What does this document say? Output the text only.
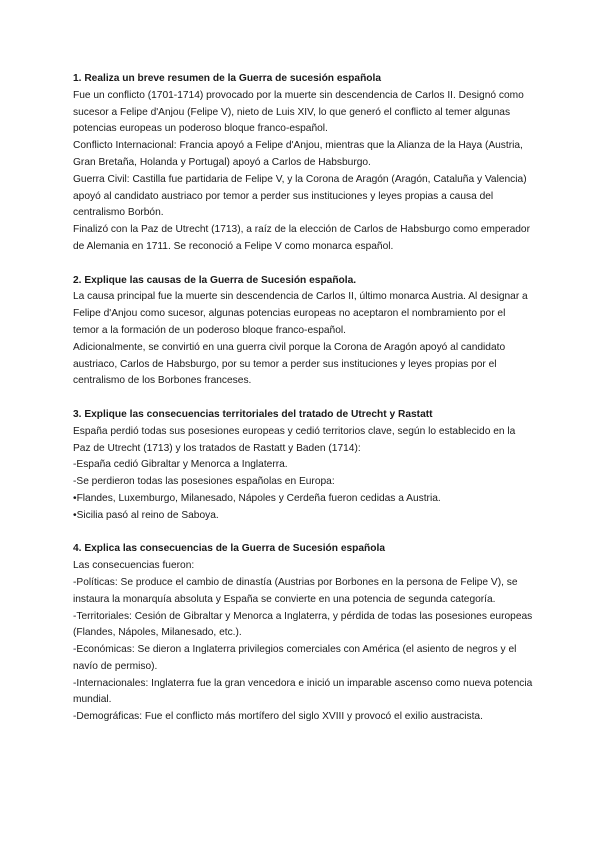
1. Realiza un breve resumen de la Guerra de sucesión española

Fue un conflicto (1701-1714) provocado por la muerte sin descendencia de Carlos II. Designó como sucesor a Felipe d'Anjou (Felipe V), nieto de Luis XIV, lo que generó el conflicto al temer algunas potencias europeas un poderoso bloque franco-español.

Conflicto Internacional: Francia apoyó a Felipe d'Anjou, mientras que la Alianza de la Haya (Austria, Gran Bretaña, Holanda y Portugal) apoyó a Carlos de Habsburgo.

Guerra Civil: Castilla fue partidaria de Felipe V, y la Corona de Aragón (Aragón, Cataluña y Valencia) apoyó al candidato austriaco por temor a perder sus instituciones y leyes propias a causa del centralismo Borbón.

Finalizó con la Paz de Utrecht (1713), a raíz de la elección de Carlos de Habsburgo como emperador de Alemania en 1711. Se reconoció a Felipe V como monarca español.

2. Explique las causas de la Guerra de Sucesión española.

La causa principal fue la muerte sin descendencia de Carlos II, último monarca Austria. Al designar a Felipe d'Anjou como sucesor, algunas potencias europeas no aceptaron el nombramiento por el temor a la formación de un poderoso bloque franco-español.

Adicionalmente, se convirtió en una guerra civil porque la Corona de Aragón apoyó al candidato austriaco, Carlos de Habsburgo, por su temor a perder sus instituciones y leyes propias por el centralismo de los Borbones franceses.

3. Explique las consecuencias territoriales del tratado de Utrecht y Rastatt

España perdió todas sus posesiones europeas y cedió territorios clave, según lo establecido en la Paz de Utrecht (1713) y los tratados de Rastatt y Baden (1714):

-España cedió Gibraltar y Menorca a Inglaterra.

-Se perdieron todas las posesiones españolas en Europa:

•Flandes, Luxemburgo, Milanesado, Nápoles y Cerdeña fueron cedidas a Austria.

•Sicilia pasó al reino de Saboya.

4. Explica las consecuencias de la Guerra de Sucesión española

Las consecuencias fueron:

-Políticas: Se produce el cambio de dinastía (Austrias por Borbones en la persona de Felipe V), se instaura la monarquía absoluta y España se convierte en una potencia de segunda categoría.

-Territoriales: Cesión de Gibraltar y Menorca a Inglaterra, y pérdida de todas las posesiones europeas (Flandes, Nápoles, Milanesado, etc.).

-Económicas: Se dieron a Inglaterra privilegios comerciales con América (el asiento de negros y el navío de permiso).

-Internacionales: Inglaterra fue la gran vencedora e inició un imparable ascenso como nueva potencia mundial.

-Demográficas: Fue el conflicto más mortífero del siglo XVIII y provocó el exilio austracista.
